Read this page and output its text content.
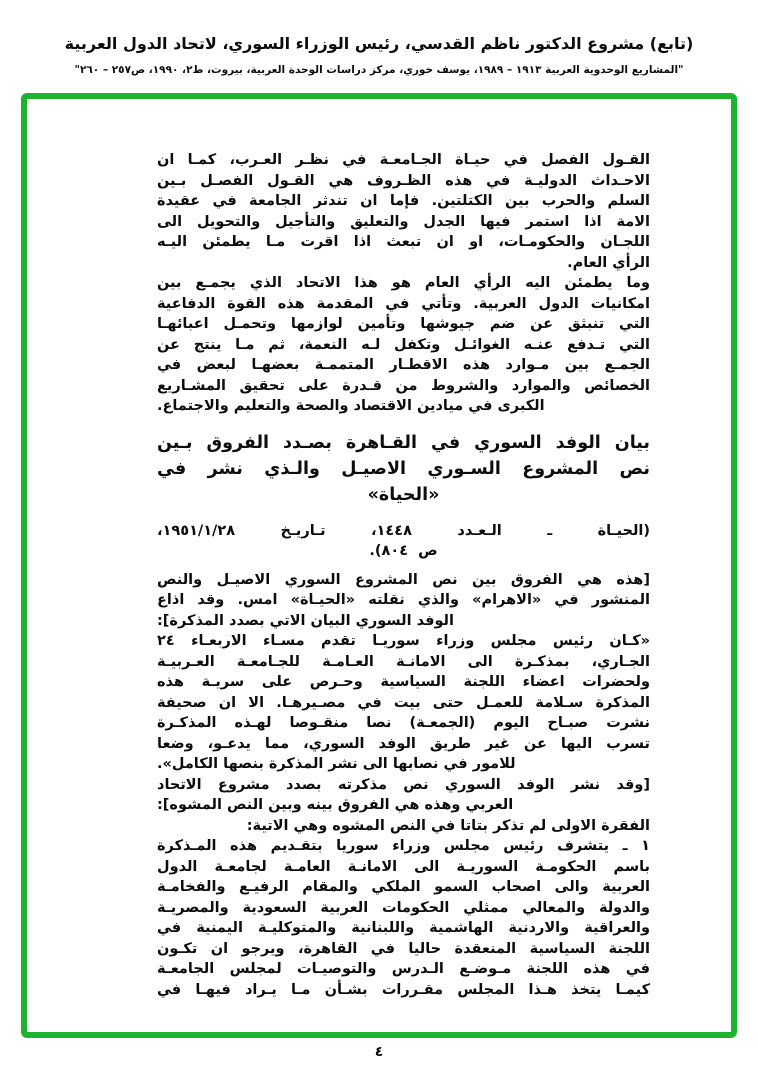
(تابع) مشروع الدكتور ناظم القدسي، رئيس الوزراء السوري، لاتحاد الدول العربية
"المشاريع الوحدوية العربية ١٩١٣ – ١٩٨٩، يوسف خوري، مركز دراسات الوحدة العربية، بيروت، ط٢، ١٩٩٠، ص٢٥٧ – ٢٦٠"
القـول الفصل في حيـاة الجـامعـة في نظـر العـرب، كمـا ان
الاحـداث الدوليـة في هذه الظـروف هي القـول الفصـل بـين
السلم والحرب بين الكتلتين. فإما ان تندثر الجامعة في عقيدة
الامة اذا استمر فيها الجدل والتعليق والتأجيل والتحويل الى
اللجـان والحكومـات، او ان تبعث اذا اقرت مـا يطمئن اليـه
الرأي العام.
وما يطمئن اليه الرأي العام هو هذا الاتحاد الذي يجمـع بين
امكانيات الدول العربية. وتأتي في المقدمة هذه القوة الدفاعية
التي تنبثق عن ضم جيوشها وتأمين لوازمها وتحمـل اعبائهـا
التي تـدفع عنـه الغوائـل وتكفل لـه النعمة، ثم مـا ينتج عن
الجمـع بين مـوارد هذه الاقطـار المتممـة بعضهـا لبعض في
الخصائص والموارد والشروط من قـدرة على تحقيق المشـاريع
الكبرى في ميادين الاقتصاد والصحة والتعليم والاجتماع.
بيان الوفد السوري في القـاهرة بصـدد الفروق بـين
نص المشروع السـوري الاصيـل والـذي نشر في
«الحياة»
(الحيـاة ـ الـعـدد ١٤٤٨، تـاريـخ ١٩٥١/١/٢٨،
ص ٨٠٤).
[هذه هي الفروق بين نص المشروع السوري الاصيـل والنص
المنشور في «الاهرام» والذي نقلته «الحيـاة» امس. وقد اذاع
الوفد السوري البيان الاتي بصدد المذكرة]:
«كـان رئيس مجلس وزراء سوريـا تقدم مسـاء الاربعـاء ٢٤
الجـاري، بمذكـرة الى الامانـة العـامـة للجـامعـة العـربيـة
ولحضرات اعضاء اللجنة السياسية وحـرص على سريـة هذه
المذكرة سـلامة للعمـل حتى بيت في مصـيرهـا. الا ان صحيفة
نشرت صبـاح اليوم (الجمعـة) نصا منقـوصا لهـذه المذكـرة
تسرب اليها عن غير طريق الوفد السوري، مما يدعـو، وضعا
للامور في نصابها الى نشر المذكرة بنصها الكامل».
[وقد نشر الوفد السوري نص مذكرته بصدد مشروع الاتحاد
العربي وهذه هي الفروق بينه وبين النص المشوه]:
الفقرة الاولى لم تذكر بتاتا في النص المشوه وهي الاتية:
١ ـ يتشرف رئيس مجلس وزراء سوريا بتقـديم هذه المـذكرة
باسم الحكومـة السوريـة الى الامانـة العامـة لجامعـة الدول
العربية والى اصحاب السمو الملكي والمقام الرفيـع والفخامـة
والدولة والمعالي ممثلي الحكومات العربية السعودية والمصريـة
والعراقية والاردنية الهاشمية واللبنانية والمتوكليـة اليمنية في
اللجنة السياسية المنعقدة حاليا في القاهرة، ويرجو ان تكـون
في هذه اللجنة مـوضـع الـدرس والتوصيـات لمجلس الجامعـة
كيمـا يتخذ هـذا المجلس مقـررات بشـأن مـا يـراد فيهـا في
٤
